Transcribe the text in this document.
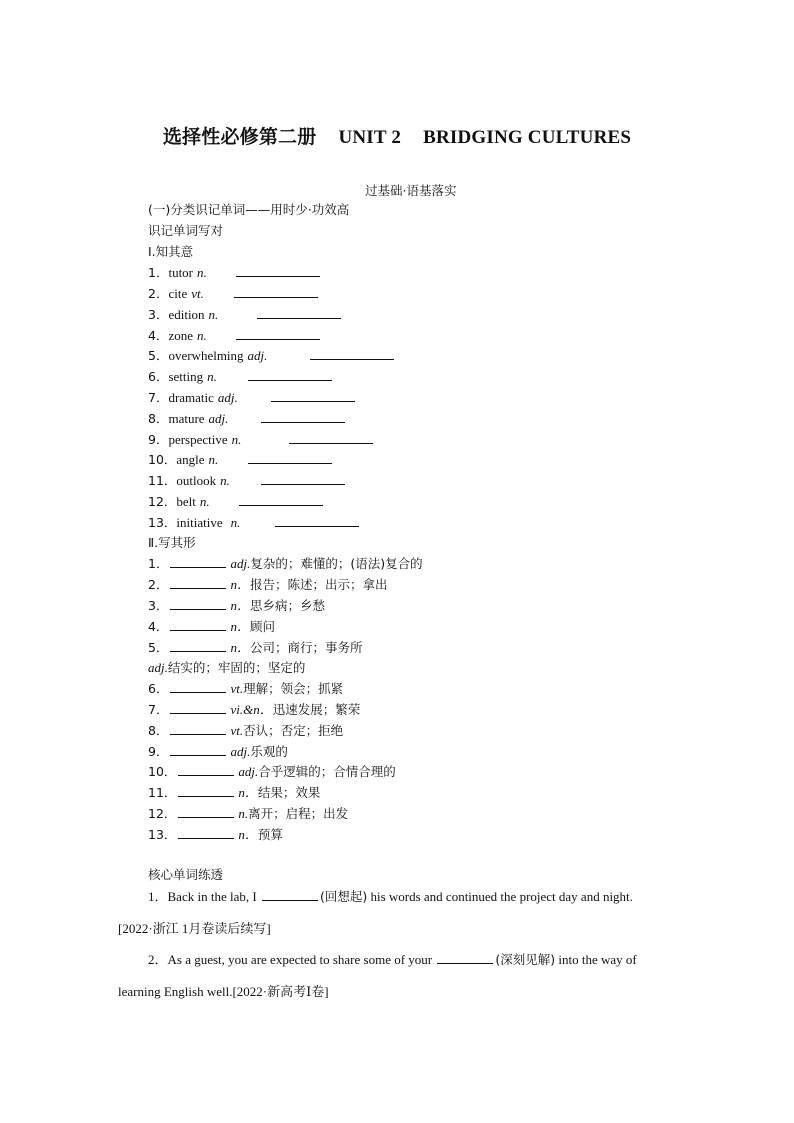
选择性必修第二册 UNIT 2 BRIDGING CULTURES
过基础·语基落实
(一)分类识记单词——用时少·功效高
识记单词写对
Ⅰ.知其意
1．tutor n.
2．cite vt.
3．edition n.
4．zone n.
5．overwhelming adj.
6．setting n.
7．dramatic adj.
8．mature adj.
9．perspective n.
10．angle n.
11．outlook n.
12．belt n.
13．initiative n.
Ⅱ.写其形
1．	adj.复杂的；难懂的；(语法)复合的
2．	n．报告；陈述；出示；拿出
3．	n．思乡病；乡愁
4．	n．顾问
5．	n．公司；商行；事务所
adj.结实的；牢固的；坚定的
6．	vt.理解；领会；抓紧
7．	vi.&n．迅速发展；繁荣
8．	vt.否认；否定；拒绝
9．	adj.乐观的
10．	adj.合乎逻辑的；合情合理的
11．	n．结果；效果
12．	n.离开；启程；出发
13．	n．预算
核心单词练透
1．Back in the lab, I	(回想起) his words and continued the project day and night.
[2022·浙江 1月卷读后续写]
2．As a guest, you are expected to share some of your	(深刻见解) into the way of
learning English well.[2022·新高考Ⅰ卷]
